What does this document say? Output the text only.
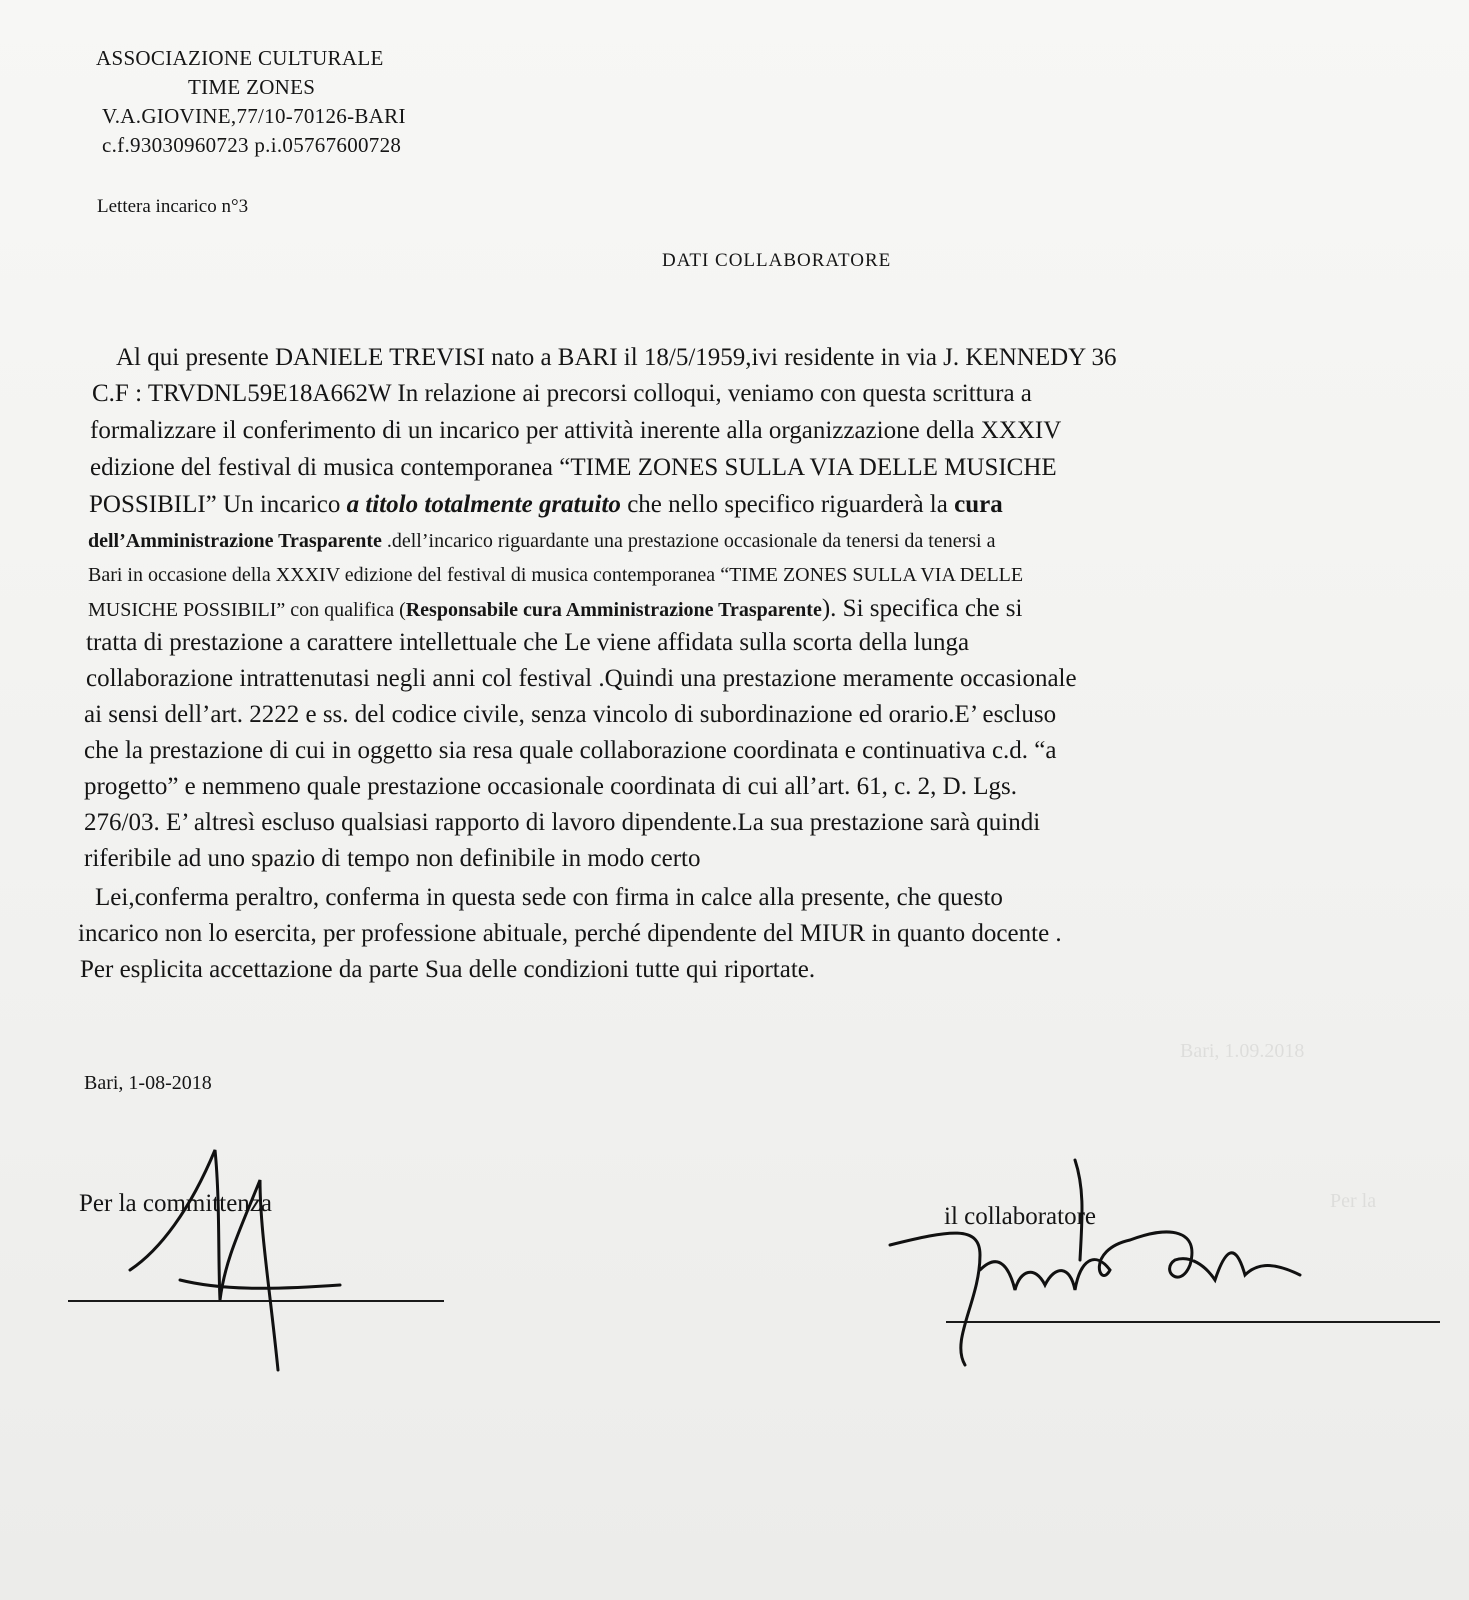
ASSOCIAZIONE CULTURALE
TIME ZONES
V.A.GIOVINE,77/10-70126-BARI
c.f.93030960723 p.i.05767600728
Lettera incarico n°3
DATI COLLABORATORE
Al qui presente DANIELE TREVISI nato a BARI il 18/5/1959,ivi residente in via J. KENNEDY 36
C.F : TRVDNL59E18A662W In relazione ai precorsi colloqui, veniamo con questa scrittura a
formalizzare il conferimento di un incarico per attività inerente alla organizzazione della XXXIV
edizione del festival di musica contemporanea “TIME ZONES SULLA VIA DELLE MUSICHE
POSSIBILI” Un incarico a titolo totalmente gratuito che nello specifico riguarderà la cura
dell’Amministrazione Trasparente .dell’incarico riguardante una prestazione occasionale da tenersi da tenersi a
Bari in occasione della XXXIV edizione del festival di musica contemporanea “TIME ZONES SULLA VIA DELLE
MUSICHE POSSIBILI” con qualifica (Responsabile cura Amministrazione Trasparente). Si specifica che si
tratta di prestazione a carattere intellettuale che Le viene affidata sulla scorta della lunga
collaborazione intrattenutasi negli anni col festival .Quindi una prestazione meramente occasionale
ai sensi dell’art. 2222 e ss. del codice civile, senza vincolo di subordinazione ed orario.E’ escluso
che la prestazione di cui in oggetto sia resa quale collaborazione coordinata e continuativa c.d. “a
progetto” e nemmeno quale prestazione occasionale coordinata di cui all’art. 61, c. 2, D. Lgs.
276/03. E’ altresì escluso qualsiasi rapporto di lavoro dipendente.La sua prestazione sarà quindi
riferibile ad uno spazio di tempo non definibile in modo certo
Lei,conferma peraltro, conferma in questa sede con firma in calce alla presente, che questo
incarico non lo esercita, per professione abituale, perché dipendente del MIUR in quanto docente .
Per esplicita accettazione da parte Sua delle condizioni tutte qui riportate.
Bari, 1-08-2018
Per la committenza	il collaboratore
Bari, 1.09.2018
Per la
